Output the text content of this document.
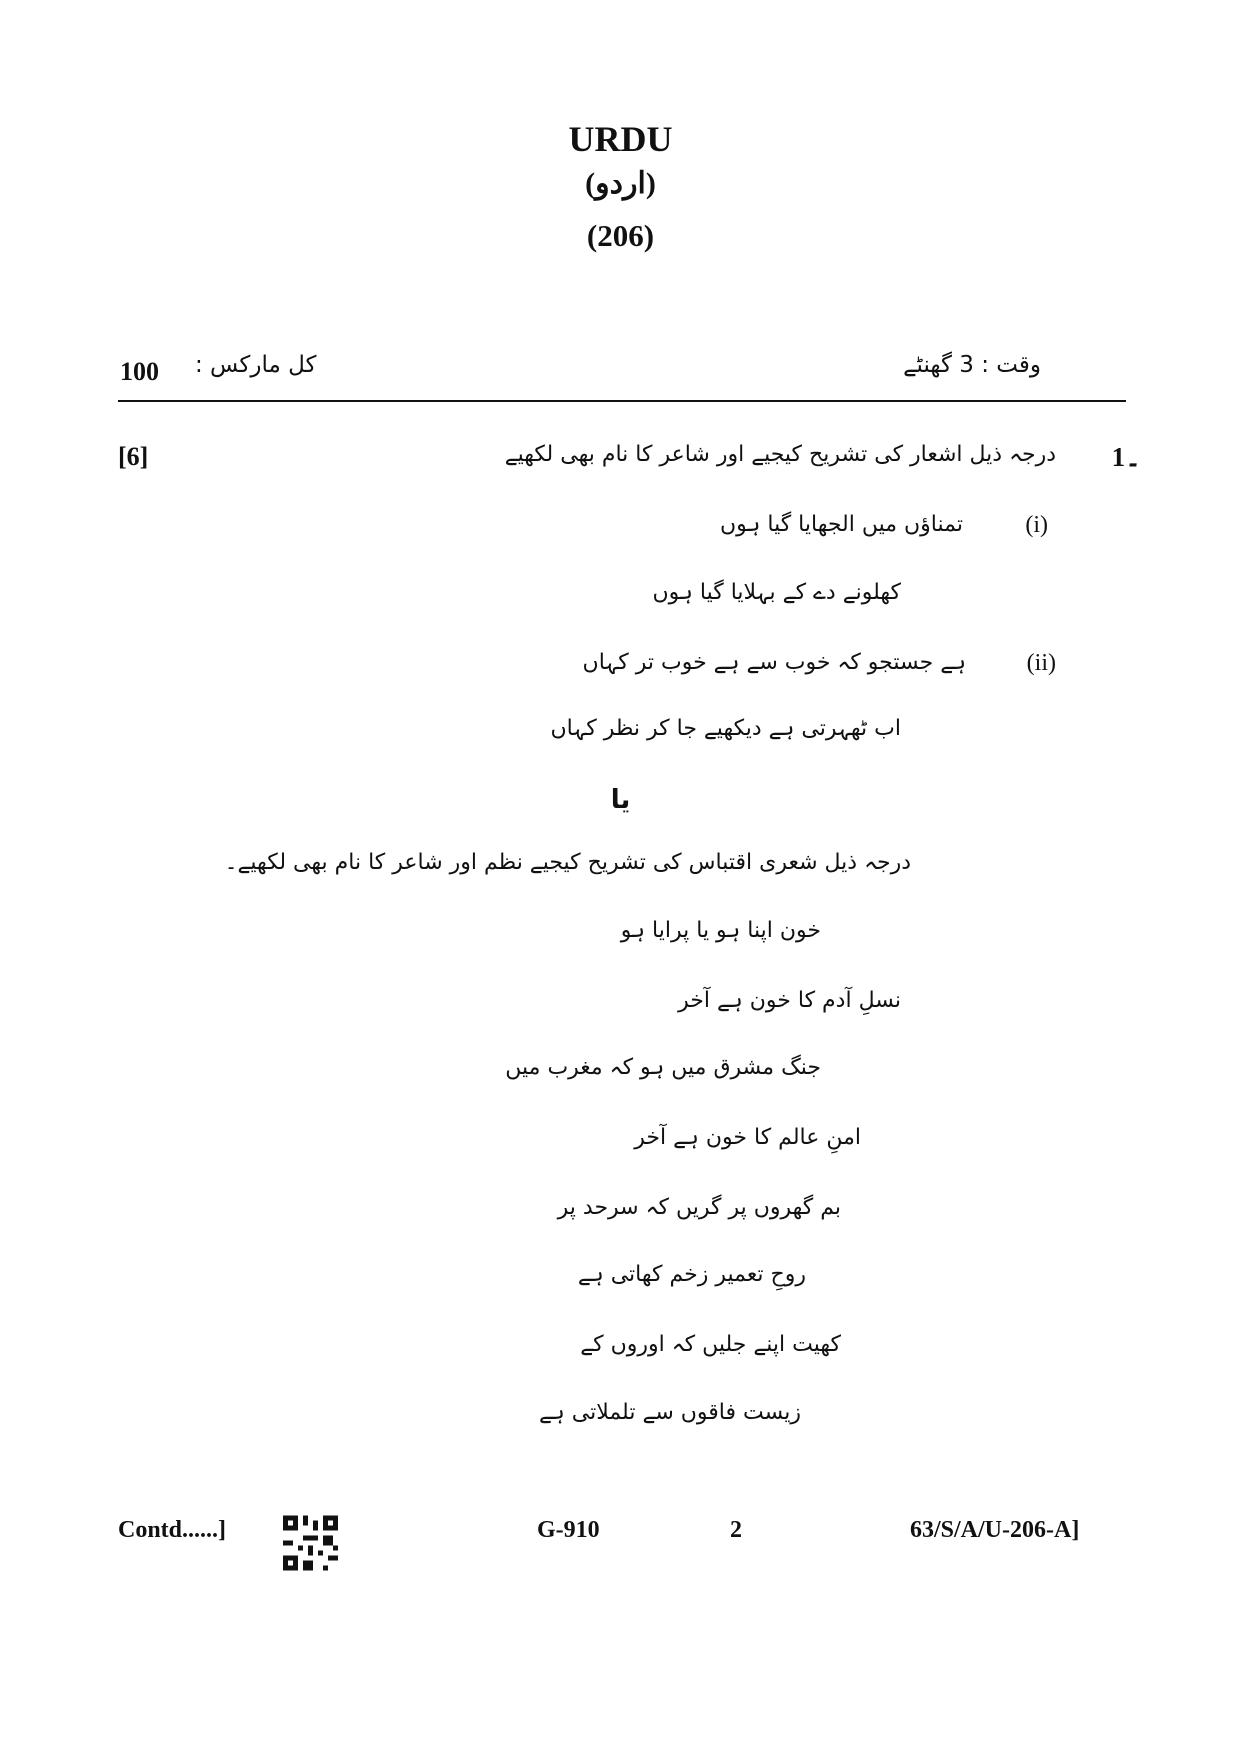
URDU
(اردو)
(206)
100 کل مارکس :	وقت : 3 گھنٹے
[6]	1۔
درجہ ذیل اشعار کی تشریح کیجیے اور شاعر کا نام بھی لکھیے
(i)
تمناؤں میں الجھایا گیا ہوں
کھلونے دے کے بہلایا گیا ہوں
(ii)
ہے جستجو کہ خوب سے ہے خوب تر کہاں
اب ٹھہرتی ہے دیکھیے جا کر نظر کہاں
یا
درجہ ذیل شعری اقتباس کی تشریح کیجیے نظم اور شاعر کا نام بھی لکھیے۔
خون اپنا ہو یا پرایا ہو
نسلِ آدم کا خون ہے آخر
جنگ مشرق میں ہو کہ مغرب میں
امنِ عالم کا خون ہے آخر
بم گھروں پر گریں کہ سرحد پر
روحِ تعمیر زخم کھاتی ہے
کھیت اپنے جلیں کہ اوروں کے
زیست فاقوں سے تلملاتی ہے
Contd......]	G-910	2	63/S/A/U-206-A]
